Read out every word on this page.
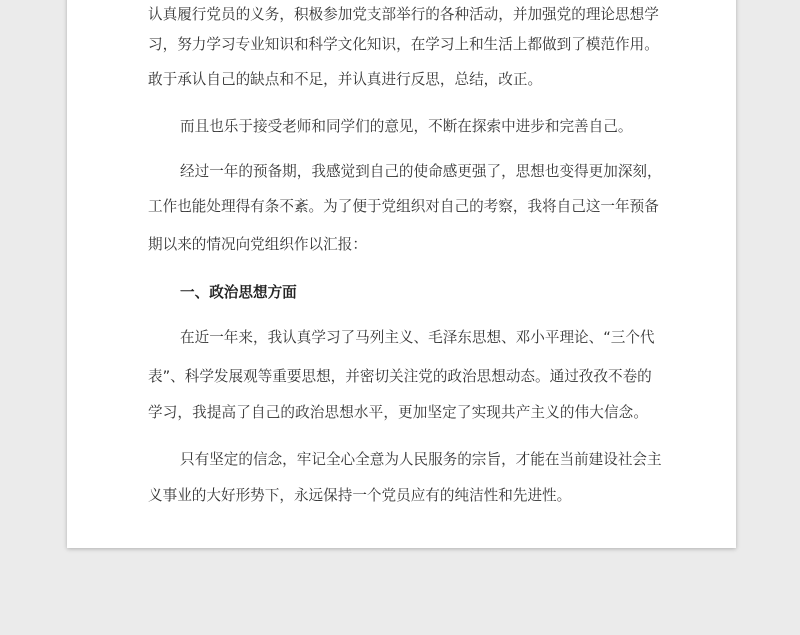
认真履行党员的义务，积极参加党支部举行的各种活动，并加强党的理论思想学
习，努力学习专业知识和科学文化知识，在学习上和生活上都做到了模范作用。
敢于承认自己的缺点和不足，并认真进行反思，总结，改正。
而且也乐于接受老师和同学们的意见，不断在探索中进步和完善自己。
经过一年的预备期，我感觉到自己的使命感更强了，思想也变得更加深刻，
工作也能处理得有条不紊。为了便于党组织对自己的考察，我将自己这一年预备
期以来的情况向党组织作以汇报：
一、政治思想方面
在近一年来，我认真学习了马列主义、毛泽东思想、邓小平理论、“三个代
表”、科学发展观等重要思想，并密切关注党的政治思想动态。通过孜孜不卷的
学习，我提高了自己的政治思想水平，更加坚定了实现共产主义的伟大信念。
只有坚定的信念，牢记全心全意为人民服务的宗旨，才能在当前建设社会主
义事业的大好形势下，永远保持一个党员应有的纯洁性和先进性。
